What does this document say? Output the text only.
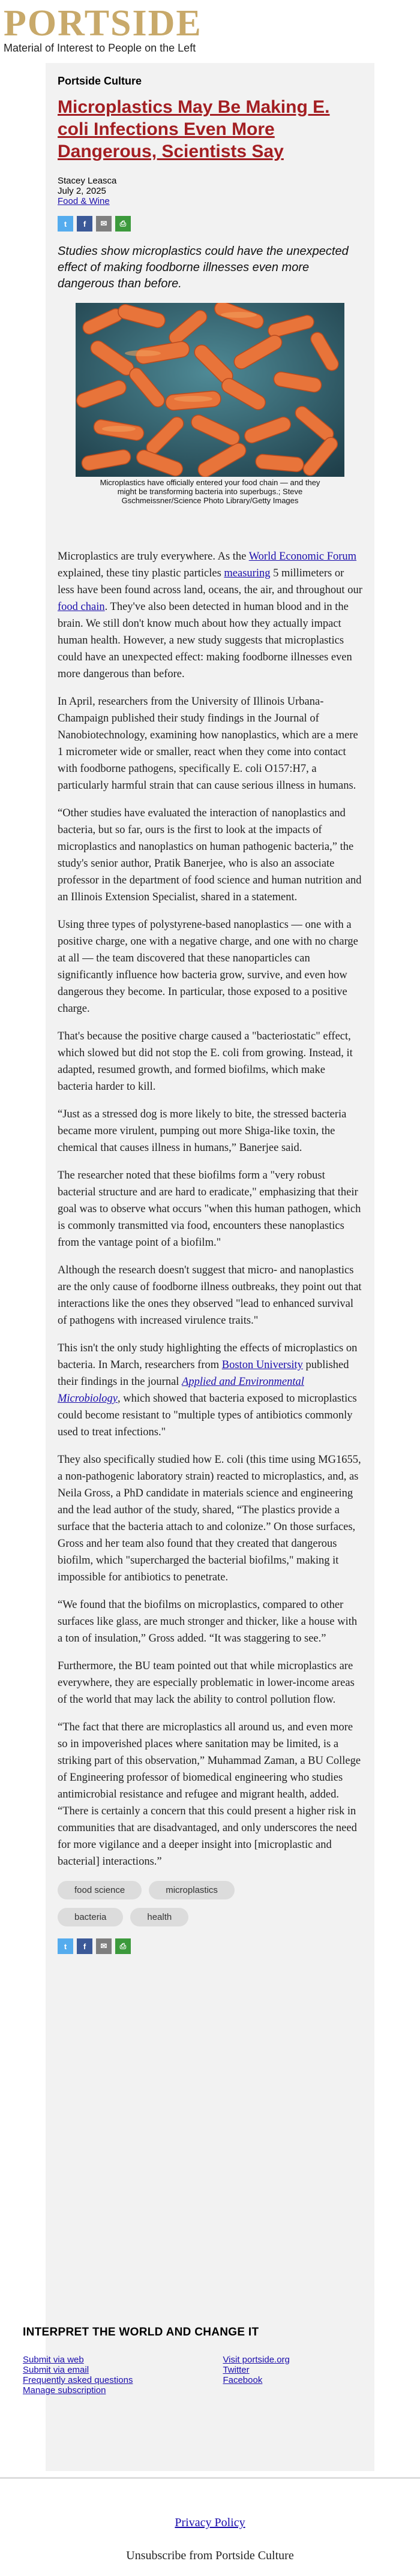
PORTSIDE
Material of Interest to People on the Left
Portside Culture
Microplastics May Be Making E. coli Infections Even More Dangerous, Scientists Say
Stacey Leasca
July 2, 2025
Food & Wine
t f ✉ ⎙
Studies show microplastics could have the unexpected effect of making foodborne illnesses even more dangerous than before.
Microplastics have officially entered your food chain — and they might be transforming bacteria into superbugs.; Steve Gschmeissner/Science Photo Library/Getty Images

Microplastics are truly everywhere. As the World Economic Forum explained, these tiny plastic particles measuring 5 millimeters or less have been found across land, oceans, the air, and throughout our food chain. They've also been detected in human blood and in the brain. We still don't know much about how they actually impact human health. However, a new study suggests that microplastics could have an unexpected effect: making foodborne illnesses even more dangerous than before.

In April, researchers from the University of Illinois Urbana-Champaign published their study findings in the Journal of Nanobiotechnology, examining how nanoplastics, which are a mere 1 micrometer wide or smaller, react when they come into contact with foodborne pathogens, specifically E. coli O157:H7, a particularly harmful strain that can cause serious illness in humans.

“Other studies have evaluated the interaction of nanoplastics and bacteria, but so far, ours is the first to look at the impacts of microplastics and nanoplastics on human pathogenic bacteria,” the study's senior author, Pratik Banerjee, who is also an associate professor in the department of food science and human nutrition and an Illinois Extension Specialist, shared in a statement.

Using three types of polystyrene-based nanoplastics — one with a positive charge, one with a negative charge, and one with no charge at all — the team discovered that these nanoparticles can significantly influence how bacteria grow, survive, and even how dangerous they become. In particular, those exposed to a positive charge.

That's because the positive charge caused a "bacteriostatic" effect, which slowed but did not stop the E. coli from growing. Instead, it adapted, resumed growth, and formed biofilms, which make bacteria harder to kill.

“Just as a stressed dog is more likely to bite, the stressed bacteria became more virulent, pumping out more Shiga-like toxin, the chemical that causes illness in humans,” Banerjee said.

The researcher noted that these biofilms form a "very robust bacterial structure and are hard to eradicate," emphasizing that their goal was to observe what occurs "when this human pathogen, which is commonly transmitted via food, encounters these nanoplastics from the vantage point of a biofilm."

Although the research doesn't suggest that micro- and nanoplastics are the only cause of foodborne illness outbreaks, they point out that interactions like the ones they observed "lead to enhanced survival of pathogens with increased virulence traits."

This isn't the only study highlighting the effects of microplastics on bacteria. In March, researchers from Boston University published their findings in the journal Applied and Environmental Microbiology, which showed that bacteria exposed to microplastics could become resistant to "multiple types of antibiotics commonly used to treat infections."

They also specifically studied how E. coli (this time using MG1655, a non-pathogenic laboratory strain) reacted to microplastics, and, as Neila Gross, a PhD candidate in materials science and engineering and the lead author of the study, shared, “The plastics provide a surface that the bacteria attach to and colonize.” On those surfaces, Gross and her team also found that they created that dangerous biofilm, which "supercharged the bacterial biofilms," making it impossible for antibiotics to penetrate.

“We found that the biofilms on microplastics, compared to other surfaces like glass, are much stronger and thicker, like a house with a ton of insulation,” Gross added. “It was staggering to see.”

Furthermore, the BU team pointed out that while microplastics are everywhere, they are especially problematic in lower-income areas of the world that may lack the ability to control pollution flow.

“The fact that there are microplastics all around us, and even more so in impoverished places where sanitation may be limited, is a striking part of this observation,” Muhammad Zaman, a BU College of Engineering professor of biomedical engineering who studies antimicrobial resistance and refugee and migrant health, added. “There is certainly a concern that this could present a higher risk in communities that are disadvantaged, and only underscores the need for more vigilance and a deeper insight into [microplastic and bacterial] interactions.”

food science	microplastics
bacteria	health
t f ✉ ⎙
INTERPRET THE WORLD AND CHANGE IT
Submit via web
Submit via email
Frequently asked questions
Manage subscription
Visit portside.org
Twitter
Facebook
Privacy Policy
Unsubscribe from Portside Culture
